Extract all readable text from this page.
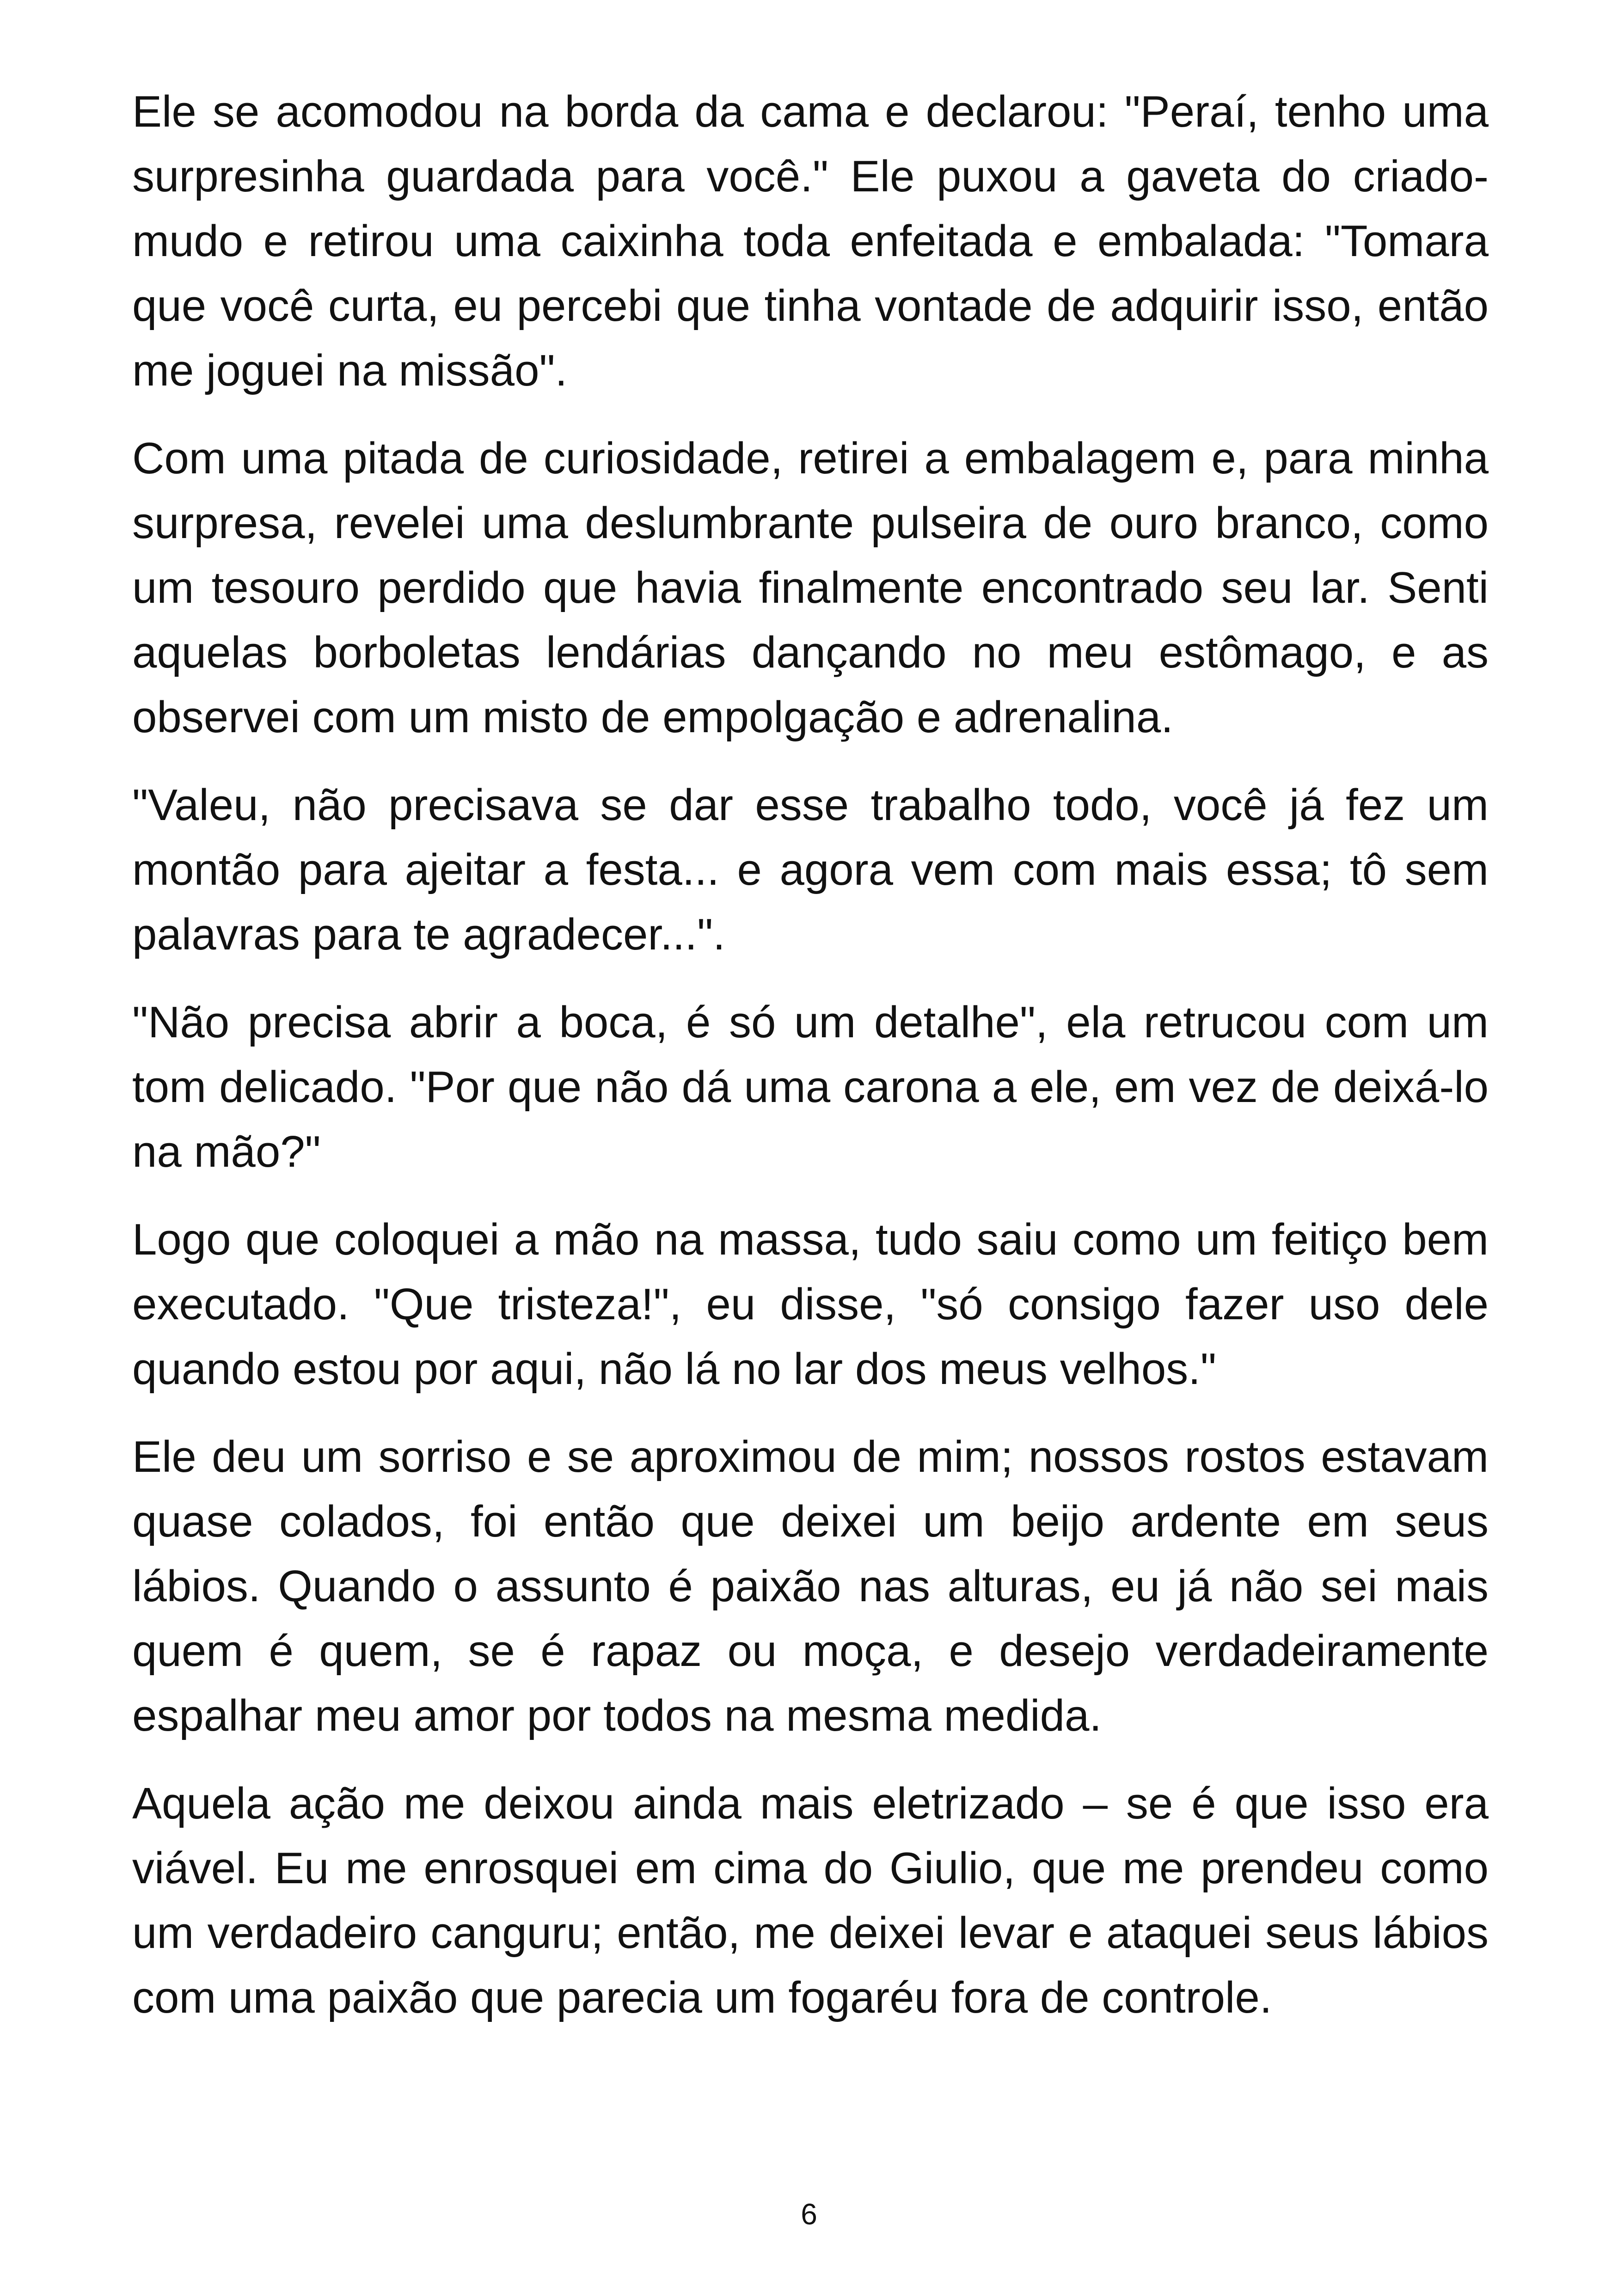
Ele se acomodou na borda da cama e declarou: "Peraí, tenho uma surpresinha guardada para você." Ele puxou a gaveta do criado-mudo e retirou uma caixinha toda enfeitada e embalada: "Tomara que você curta, eu percebi que tinha vontade de adquirir isso, então me joguei na missão".

Com uma pitada de curiosidade, retirei a embalagem e, para minha surpresa, revelei uma deslumbrante pulseira de ouro branco, como um tesouro perdido que havia finalmente encontrado seu lar. Senti aquelas borboletas lendárias dançando no meu estômago, e as observei com um misto de empolgação e adrenalina.

"Valeu, não precisava se dar esse trabalho todo, você já fez um montão para ajeitar a festa... e agora vem com mais essa; tô sem palavras para te agradecer...".

"Não precisa abrir a boca, é só um detalhe", ela retrucou com um tom delicado. "Por que não dá uma carona a ele, em vez de deixá-lo na mão?"

Logo que coloquei a mão na massa, tudo saiu como um feitiço bem executado. "Que tristeza!", eu disse, "só consigo fazer uso dele quando estou por aqui, não lá no lar dos meus velhos."

Ele deu um sorriso e se aproximou de mim; nossos rostos estavam quase colados, foi então que deixei um beijo ardente em seus lábios. Quando o assunto é paixão nas alturas, eu já não sei mais quem é quem, se é rapaz ou moça, e desejo verdadeiramente espalhar meu amor por todos na mesma medida.

Aquela ação me deixou ainda mais eletrizado – se é que isso era viável. Eu me enrosquei em cima do Giulio, que me prendeu como um verdadeiro canguru; então, me deixei levar e ataquei seus lábios com uma paixão que parecia um fogaréu fora de controle.

6
